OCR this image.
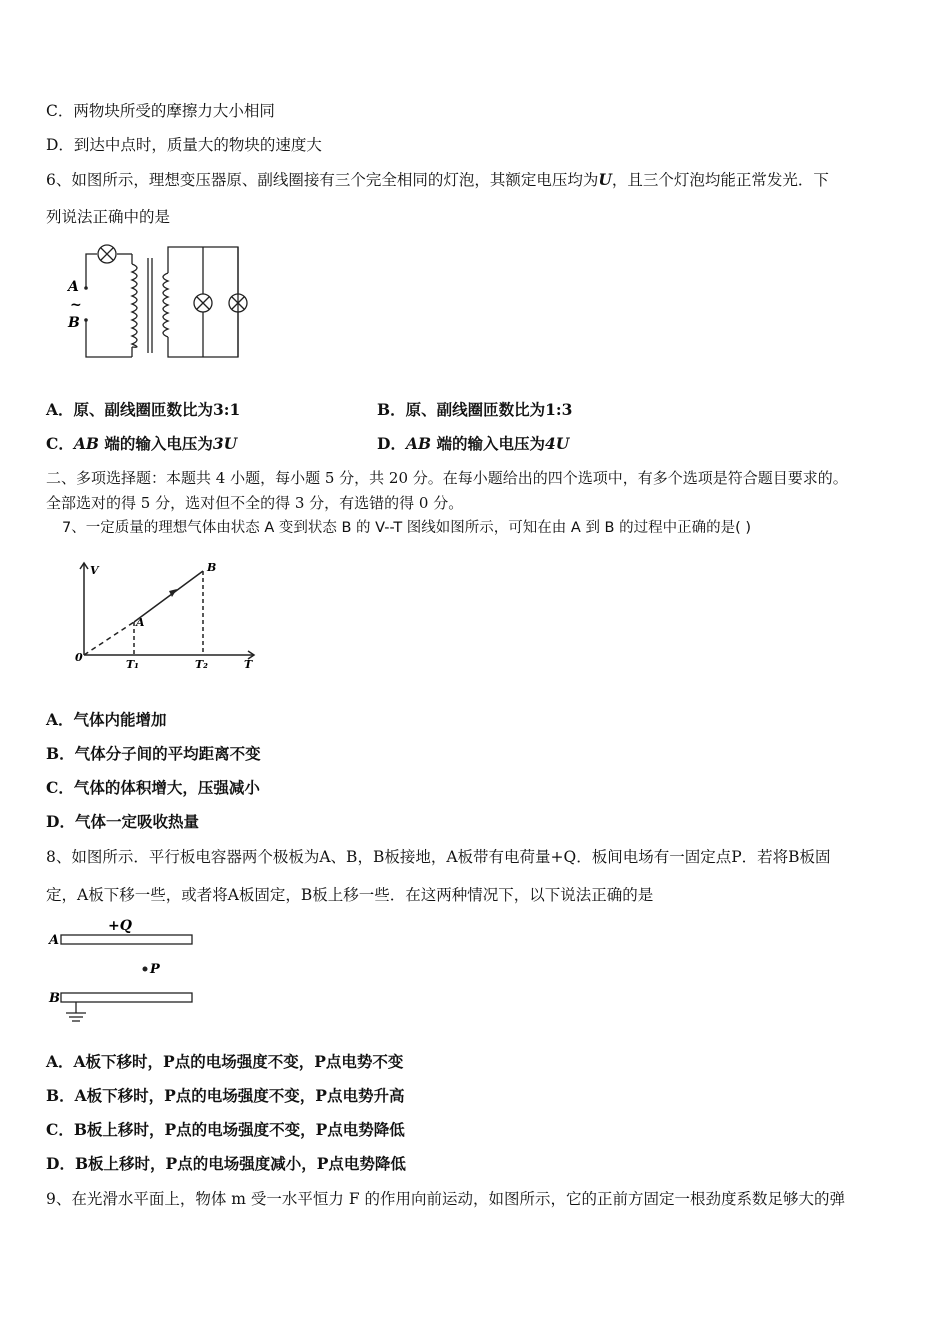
C．两物块所受的摩擦力大小相同
D．到达中点时，质量大的物块的速度大
6、如图所示，理想变压器原、副线圈接有三个完全相同的灯泡，其额定电压均为U，且三个灯泡均能正常发光．下
列说法正确中的是
A
~
B
A．原、副线圈匝数比为3:1	B．原、副线圈匝数比为1:3
C．AB 端的输入电压为3U	D．AB 端的输入电压为4U
二、多项选择题：本题共 4 小题，每小题 5 分，共 20 分。在每小题给出的四个选项中，有多个选项是符合题目要求的。
全部选对的得 5 分，选对但不全的得 3 分，有选错的得 0 分。
7、一定质量的理想气体由状态 A 变到状态 B 的 V--T 图线如图所示，可知在由 A 到 B 的过程中正确的是( )
V	B
A
0
T₁	T₂	T
A．气体内能增加
B．气体分子间的平均距离不变
C．气体的体积增大，压强减小
D．气体一定吸收热量
8、如图所示．平行板电容器两个极板为A、B，B板接地，A板带有电荷量+Q．板间电场有一固定点P．若将B板固
定，A板下移一些，或者将A板固定，B板上移一些．在这两种情况下，以下说法正确的是
+Q
A
P
B
A．A板下移时，P点的电场强度不变，P点电势不变
B．A板下移时，P点的电场强度不变，P点电势升高
C．B板上移时，P点的电场强度不变，P点电势降低
D．B板上移时，P点的电场强度减小，P点电势降低
9、在光滑水平面上，物体 m 受一水平恒力 F 的作用向前运动，如图所示，它的正前方固定一根劲度系数足够大的弹
